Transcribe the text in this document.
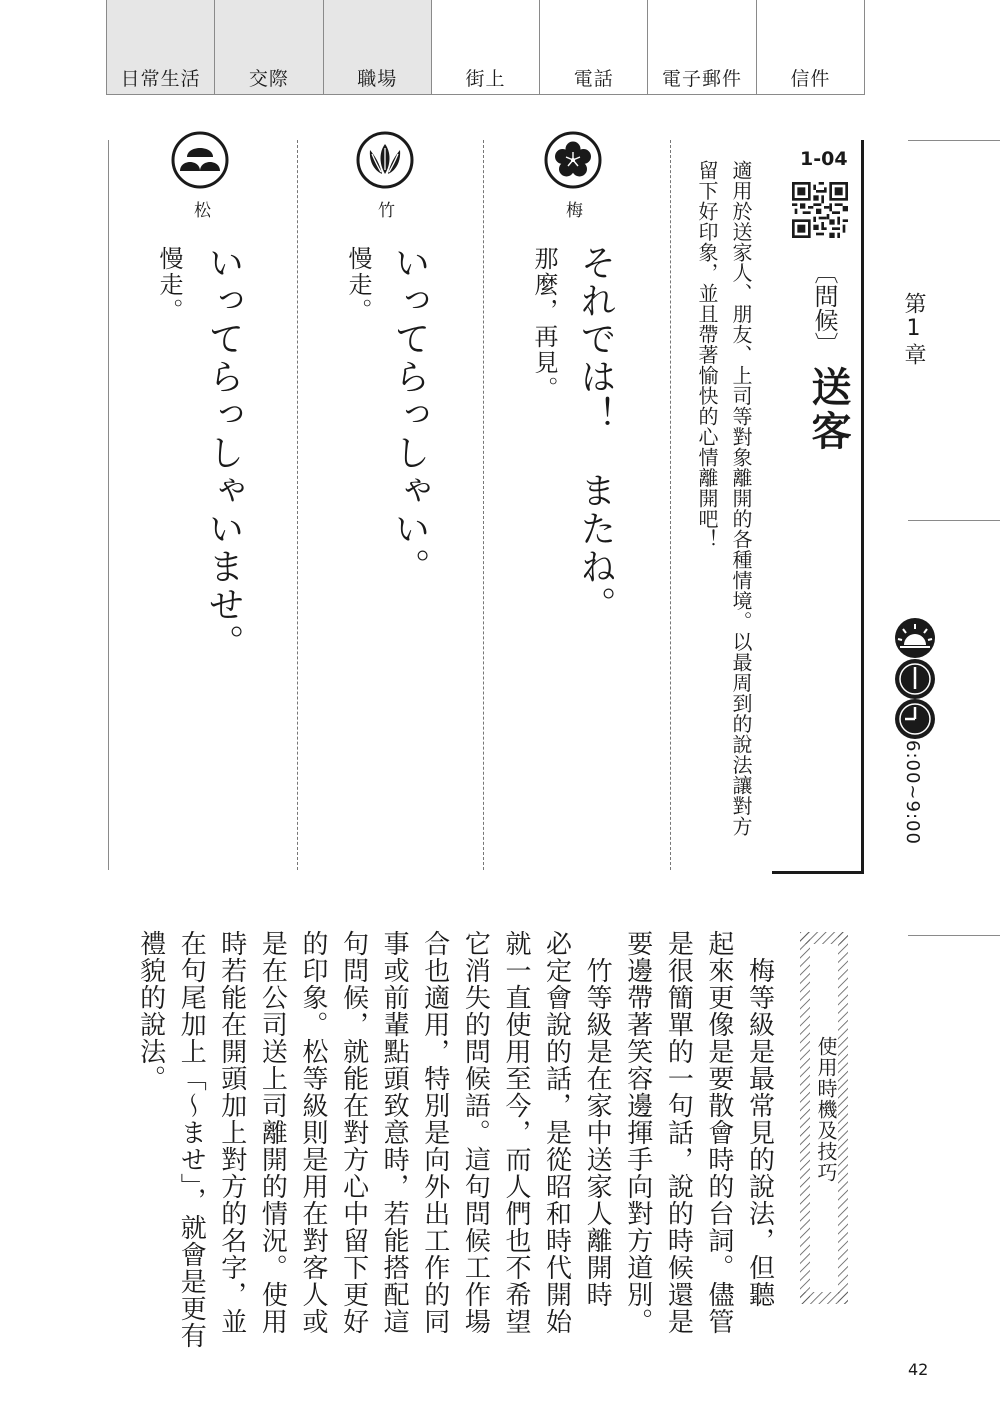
日常生活	交際	職場	街上	電話	電子郵件	信件
第1章
6:00~9:00
1-04
〔問候〕
送客
適用於送家人、朋友、上司等對象離開的各種情境。以最周到的說法讓對方
留下好印象，並且帶著愉快的心情離開吧！
梅
それでは！　またね。
那麼，再見。
竹
いってらっしゃい。
慢走。
松
いってらっしゃいませ。
慢走。
使用時機及技巧
　梅等級是最常見的說法，但聽
起來更像是要散會時的台詞。儘管
是很簡單的一句話，說的時候還是
要邊帶著笑容邊揮手向對方道別。
　竹等級是在家中送家人離開時
必定會說的話，是從昭和時代開始
就一直使用至今，而人們也不希望
它消失的問候語。這句問候工作場
合也適用，特別是向外出工作的同
事或前輩點頭致意時，若能搭配這
句問候，就能在對方心中留下更好
的印象。松等級則是用在對客人或
是在公司送上司離開的情況。使用
時若能在開頭加上對方的名字，並
在句尾加上「～ませ」，就會是更有
禮貌的說法。
42
